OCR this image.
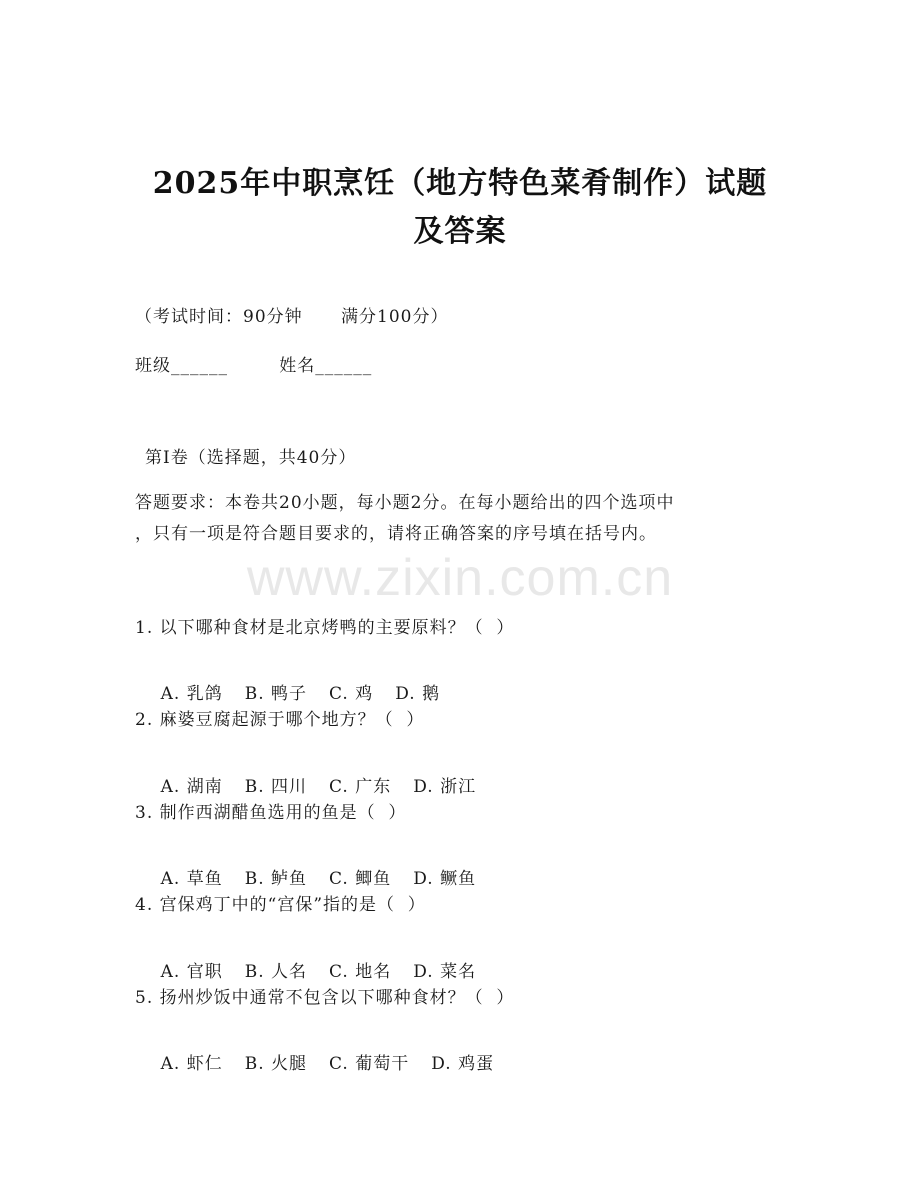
www.zixin.com.cn
2025年中职烹饪（地方特色菜肴制作）试题
及答案
（考试时间：90分钟      满分100分）
班级______        姓名______
第I卷（选择题，共40分）
答题要求：本卷共20小题，每小题2分。在每小题给出的四个选项中
，只有一项是符合题目要求的，请将正确答案的序号填在括号内。
1. 以下哪种食材是北京烤鸭的主要原料？（  ）

A. 乳鸽 B. 鸭子 C. 鸡 D. 鹅

2. 麻婆豆腐起源于哪个地方？（  ）

A. 湖南 B. 四川 C. 广东 D. 浙江

3. 制作西湖醋鱼选用的鱼是（  ）

A. 草鱼 B. 鲈鱼 C. 鲫鱼 D. 鳜鱼

4. 宫保鸡丁中的“宫保”指的是（  ）

A. 官职 B. 人名 C. 地名 D. 菜名

5. 扬州炒饭中通常不包含以下哪种食材？（  ）

A. 虾仁 B. 火腿 C. 葡萄干 D. 鸡蛋
